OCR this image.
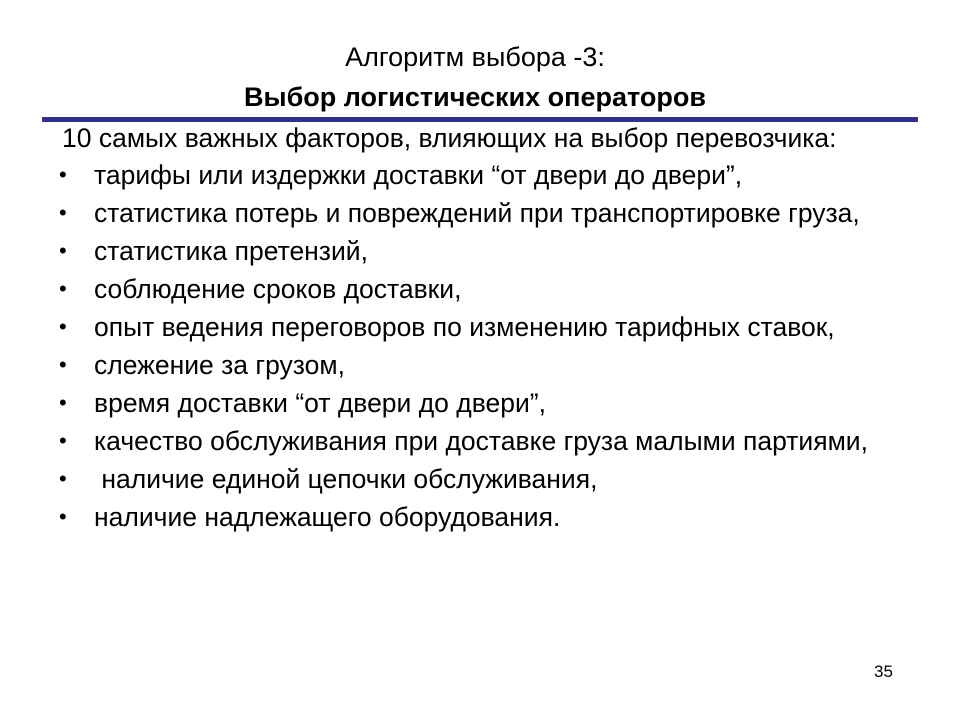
Алгоритм выбора -3:
Выбор логистических операторов

10 самых важных факторов, влияющих на выбор перевозчика:

• тарифы или издержки доставки “от двери до двери”,
• статистика потерь и повреждений при транспортировке груза,
• статистика претензий,
• соблюдение сроков доставки,
• опыт ведения переговоров по изменению тарифных ставок,
• слежение за грузом,
• время доставки “от двери до двери”,
• качество обслуживания при доставке груза малыми партиями,
• наличие единой цепочки обслуживания,
• наличие надлежащего оборудования.
35
